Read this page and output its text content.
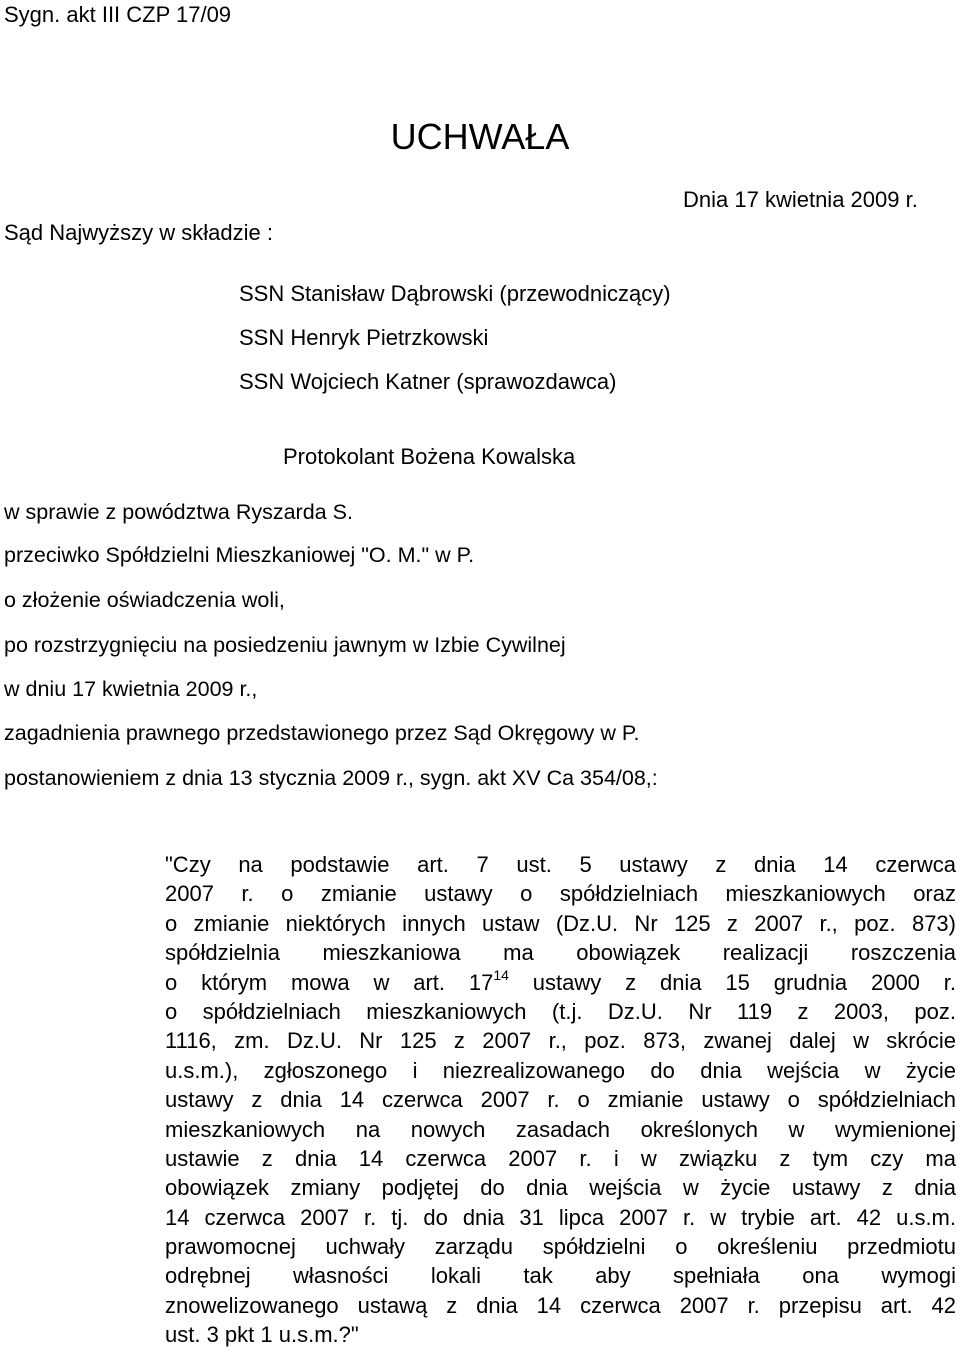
Sygn. akt III CZP 17/09
UCHWAŁA
Dnia 17 kwietnia 2009 r.
Sąd Najwyższy w składzie :
SSN Stanisław Dąbrowski (przewodniczący)
SSN Henryk Pietrzkowski
SSN Wojciech Katner (sprawozdawca)
Protokolant Bożena Kowalska
w sprawie z powództwa Ryszarda S.
przeciwko Spółdzielni Mieszkaniowej "O. M." w P.
o złożenie oświadczenia woli,
po rozstrzygnięciu na posiedzeniu jawnym w Izbie Cywilnej
w dniu 17 kwietnia 2009 r.,
zagadnienia prawnego przedstawionego przez Sąd Okręgowy w P.
postanowieniem z dnia 13 stycznia 2009 r., sygn. akt XV Ca 354/08,:
"Czy na podstawie art. 7 ust. 5 ustawy z dnia 14 czerwca
2007 r. o zmianie ustawy o spółdzielniach mieszkaniowych oraz
o zmianie niektórych innych ustaw (Dz.U. Nr 125 z 2007 r., poz. 873)
spółdzielnia mieszkaniowa ma obowiązek realizacji roszczenia
o którym mowa w art. $17^{14}$ ustawy z dnia 15 grudnia 2000 r.
o spółdzielniach mieszkaniowych (t.j. Dz.U. Nr 119 z 2003, poz.
1116, zm. Dz.U. Nr 125 z 2007 r., poz. 873, zwanej dalej w skrócie
u.s.m.), zgłoszonego i niezrealizowanego do dnia wejścia w życie
ustawy z dnia 14 czerwca 2007 r. o zmianie ustawy o spółdzielniach
mieszkaniowych na nowych zasadach określonych w wymienionej
ustawie z dnia 14 czerwca 2007 r. i w związku z tym czy ma
obowiązek zmiany podjętej do dnia wejścia w życie ustawy z dnia
14 czerwca 2007 r. tj. do dnia 31 lipca 2007 r. w trybie art. 42 u.s.m.
prawomocnej uchwały zarządu spółdzielni o określeniu przedmiotu
odrębnej własności lokali tak aby spełniała ona wymogi
znowelizowanego ustawą z dnia 14 czerwca 2007 r. przepisu art. 42
ust. 3 pkt 1 u.s.m.?"
